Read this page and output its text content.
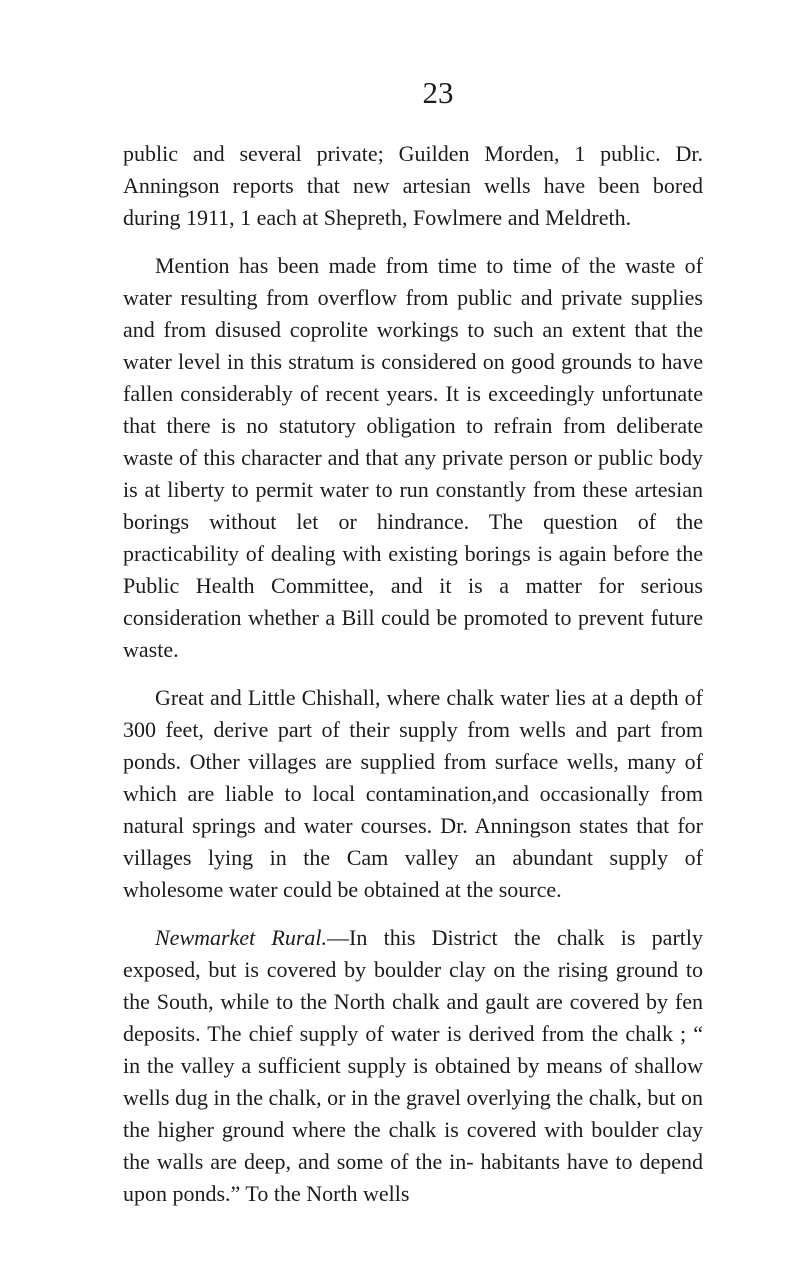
23

public and several private; Guilden Morden, 1 public. Dr. Anningson reports that new artesian wells have been bored during 1911, 1 each at Shepreth, Fowlmere and Meldreth.

Mention has been made from time to time of the waste of water resulting from overflow from public and private supplies and from disused coprolite workings to such an extent that the water level in this stratum is considered on good grounds to have fallen considerably of recent years. It is exceedingly unfortunate that there is no statutory obligation to refrain from deliberate waste of this character and that any private person or public body is at liberty to permit water to run constantly from these artesian borings without let or hindrance. The question of the practicability of dealing with existing borings is again before the Public Health Committee, and it is a matter for serious consideration whether a Bill could be promoted to prevent future waste.

Great and Little Chishall, where chalk water lies at a depth of 300 feet, derive part of their supply from wells and part from ponds. Other villages are supplied from surface wells, many of which are liable to local contamination,and occasionally from natural springs and water courses. Dr. Anningson states that for villages lying in the Cam valley an abundant supply of wholesome water could be obtained at the source.

Newmarket Rural.—In this District the chalk is partly exposed, but is covered by boulder clay on the rising ground to the South, while to the North chalk and gault are covered by fen deposits. The chief supply of water is derived from the chalk ; “ in the valley a sufficient supply is obtained by means of shallow wells dug in the chalk, or in the gravel overlying the chalk, but on the higher ground where the chalk is covered with boulder clay the walls are deep, and some of the in- habitants have to depend upon ponds.” To the North wells
